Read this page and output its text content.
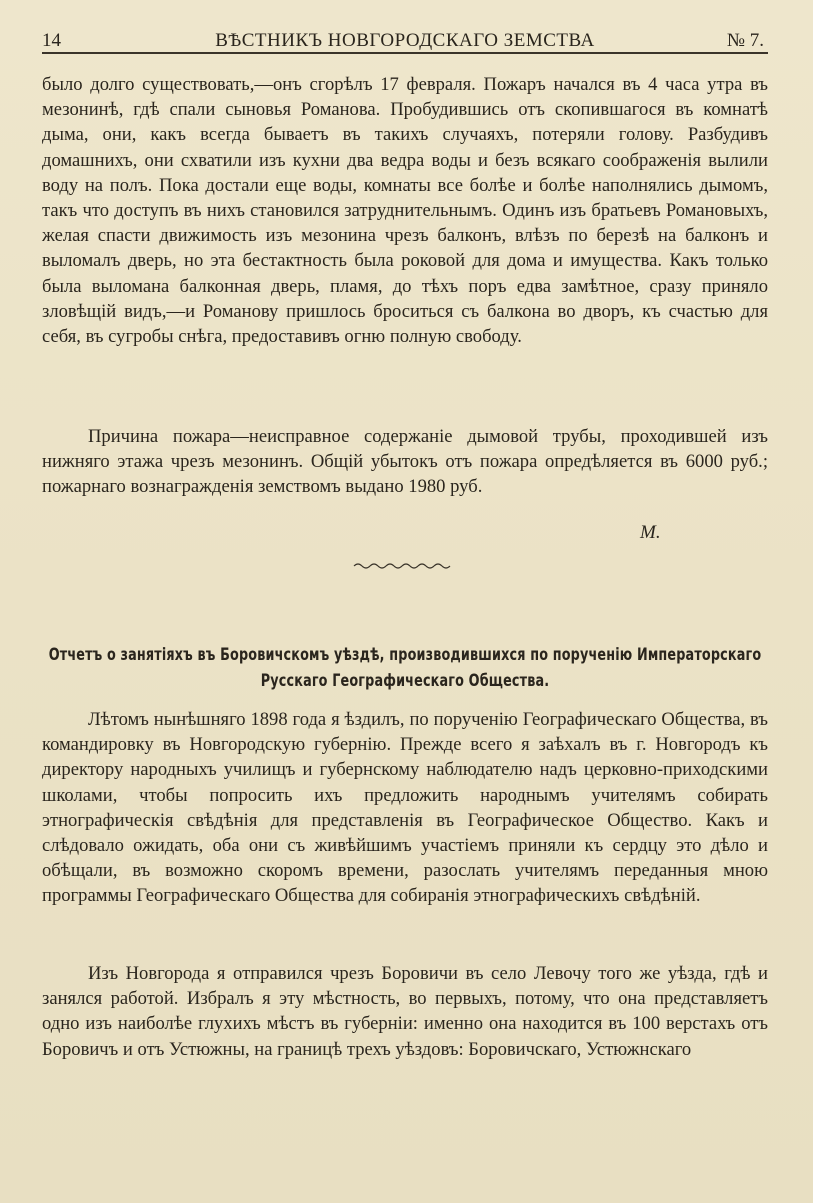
14	ВѢСТНИКЪ НОВГОРОДСКАГО ЗЕМСТВА	№ 7.

было долго существовать,—онъ сгорѣлъ 17 февраля. Пожаръ начался въ 4 часа утра въ мезонинѣ, гдѣ спали сыновья Романова. Пробудившись отъ скопившагося въ комнатѣ дыма, они, какъ всегда бываетъ въ такихъ случаяхъ, потеряли голову. Разбудивъ домашнихъ, они схватили изъ кухни два ведра воды и безъ всякаго соображенія вылили воду на полъ. Пока достали еще воды, комнаты все болѣе и болѣе наполнялись дымомъ, такъ что доступъ въ нихъ становился затруднительнымъ. Одинъ изъ братьевъ Романовыхъ, желая спасти движимость изъ мезонина чрезъ балконъ, влѣзъ по березѣ на балконъ и выломалъ дверь, но эта бестактность была роковой для дома и имущества. Какъ только была выломана балконная дверь, пламя, до тѣхъ поръ едва замѣтное, сразу приняло зловѣщій видъ,—и Романову пришлось броситься съ балкона во дворъ, къ счастью для себя, въ сугробы снѣга, предоставивъ огню полную свободу.

Причина пожара—неисправное содержаніе дымовой трубы, проходившей изъ нижняго этажа чрезъ мезонинъ. Общій убытокъ отъ пожара опредѣляется въ 6000 руб.; пожарнаго вознагражденія земствомъ выдано 1980 руб.

М.
Отчетъ о занятіяхъ въ Боровичскомъ уѣздѣ, производившихся по порученію Императорскаго Русскаго Географическаго Общества.

Лѣтомъ нынѣшняго 1898 года я ѣздилъ, по порученію Географическаго Общества, въ командировку въ Новгородскую губернію. Прежде всего я заѣхалъ въ г. Новгородъ къ директору народныхъ училищъ и губернскому наблюдателю надъ церковно-приходскими школами, чтобы попросить ихъ предложить народнымъ учителямъ собирать этнографическія свѣдѣнія для представленія въ Географическое Общество. Какъ и слѣдовало ожидать, оба они съ живѣйшимъ участіемъ приняли къ сердцу это дѣло и обѣщали, въ возможно скоромъ времени, разослать учителямъ переданныя мною программы Географическаго Общества для собиранія этнографическихъ свѣдѣній.

Изъ Новгорода я отправился чрезъ Боровичи въ село Левочу того же уѣзда, гдѣ и занялся работой. Избралъ я эту мѣстность, во первыхъ, потому, что она представляетъ одно изъ наиболѣе глухихъ мѣстъ въ губерніи: именно она находится въ 100 верстахъ отъ Боровичъ и отъ Устюжны, на границѣ трехъ уѣздовъ: Боровичскаго, Устюжнскаго
